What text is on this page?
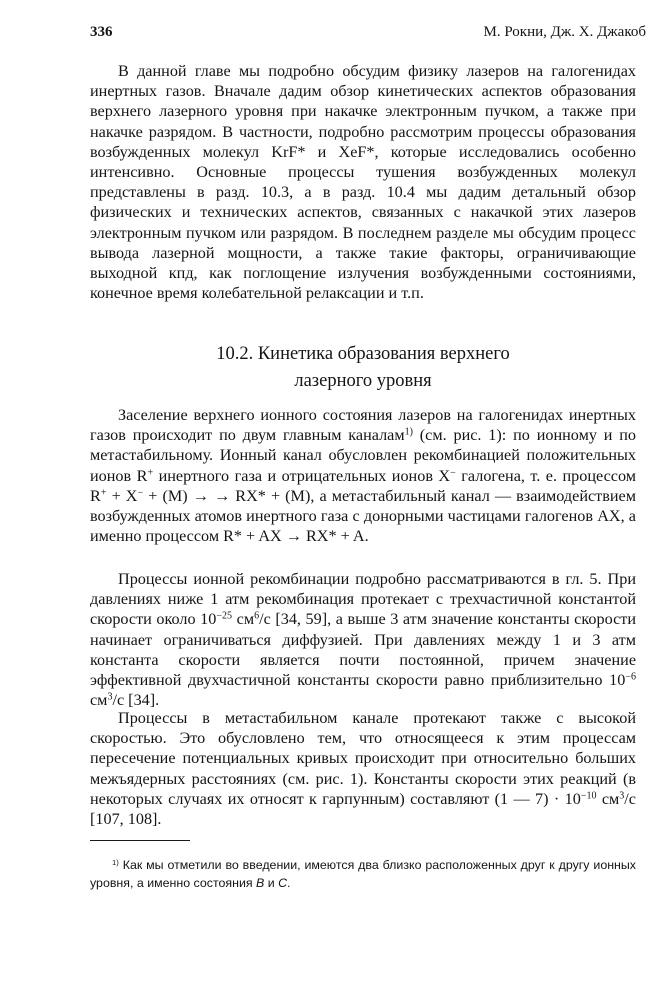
336	М. Рокни, Дж. Х. Джакоб

В данной главе мы подробно обсудим физику лазеров на галогенидах инертных газов. Вначале дадим обзор кинетических аспектов образования верхнего лазерного уровня при накачке электронным пучком, а также при накачке разрядом. В частности, подробно рассмотрим процессы образования возбужденных молекул KrF* и XeF*, которые исследовались особенно интенсивно. Основные процессы тушения возбужденных молекул представлены в разд. 10.3, а в разд. 10.4 мы дадим детальный обзор физических и технических аспектов, связанных с накачкой этих лазеров электронным пучком или разрядом. В последнем разделе мы обсудим процесс вывода лазерной мощности, а также такие факторы, ограничивающие выходной кпд, как поглощение излучения возбужденными состояниями, конечное время колебательной релаксации и т.п.

10.2. Кинетика образования верхнего
лазерного уровня

Заселение верхнего ионного состояния лазеров на галогенидах инертных газов происходит по двум главным каналам$^{1)}$ (см. рис. 1): по ионному и по метастабильному. Ионный канал обусловлен рекомбинацией положительных ионов R+ инертного газа и отрицательных ионов X− галогена, т. е. процессом R+ + X− + (M) → → RX* + (M), а метастабильный канал — взаимодействием возбужденных атомов инертного газа с донорными частицами галогенов AX, а именно процессом R* + AX → RX* + A.

Процессы ионной рекомбинации подробно рассматриваются в гл. 5. При давлениях ниже 1 атм рекомбинация протекает с трехчастичной константой скорости около $10^{-25}$ $см^6/с$ [34, 59], а выше 3 атм значение константы скорости начинает ограничиваться диффузией. При давлениях между 1 и 3 атм константа скорости является почти постоянной, причем значение эффективной двухчастичной константы скорости равно приблизительно $10^{-6}$ $см^3/с$ [34].

Процессы в метастабильном канале протекают также с высокой скоростью. Это обусловлено тем, что относящееся к этим процессам пересечение потенциальных кривых происходит при относительно больших межъядерных расстояниях (см. рис. 1). Константы скорости этих реакций (в некоторых случаях их относят к гарпунным) составляют (1 — $7) \cdot 10^{-10}$ $см^3/с$ [107, 108].

$^{1)}$ Как мы отметили во введении, имеются два близко расположенных друг к другу ионных уровня, а именно состояния B и C.
